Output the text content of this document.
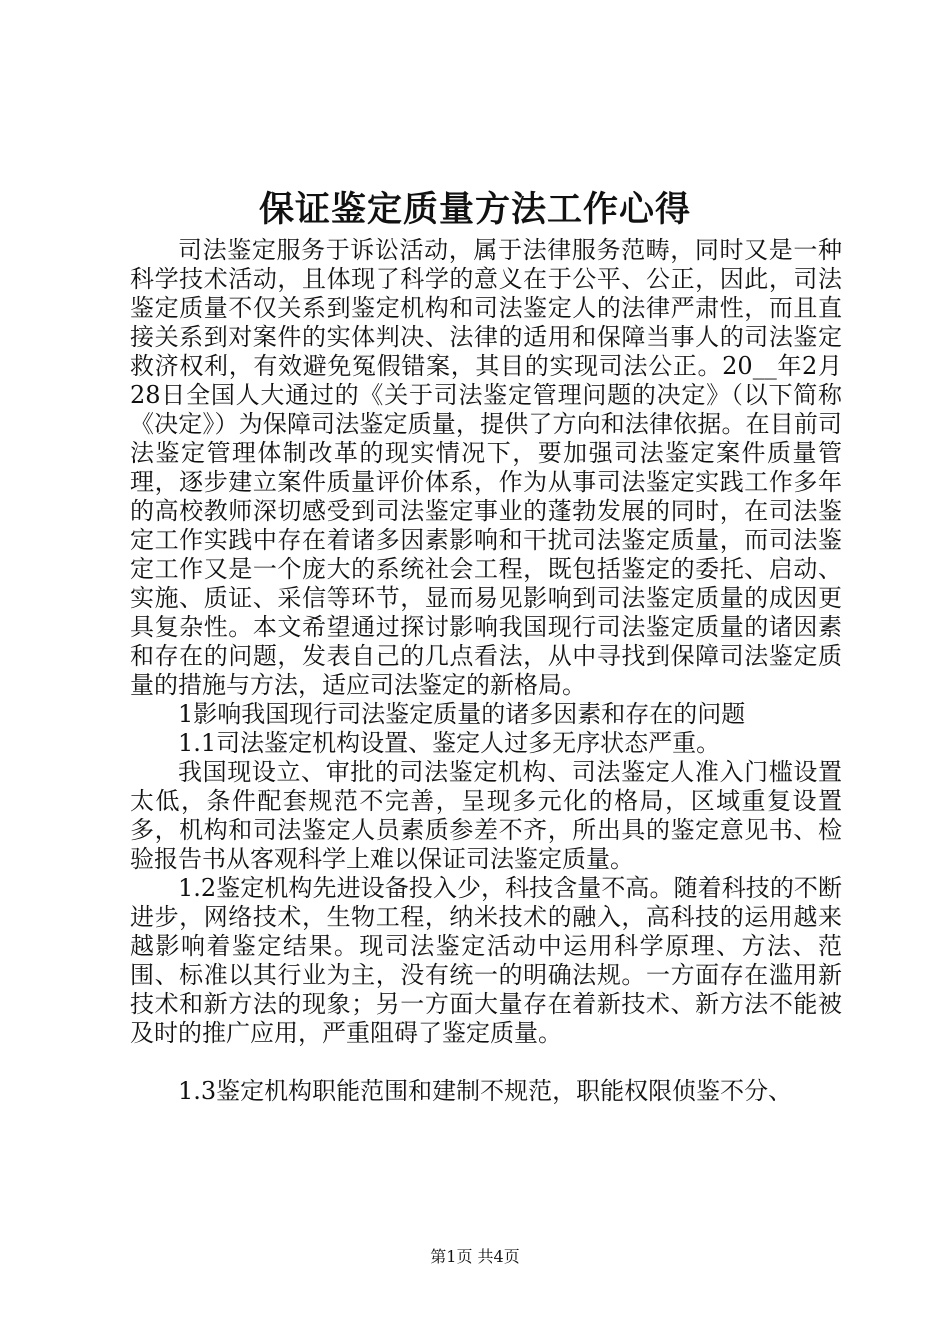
保证鉴定质量方法工作心得

司法鉴定服务于诉讼活动，属于法律服务范畴，同时又是一种科学技术活动，且体现了科学的意义在于公平、公正，因此，司法鉴定质量不仅关系到鉴定机构和司法鉴定人的法律严肃性，而且直接关系到对案件的实体判决、法律的适用和保障当事人的司法鉴定救济权利，有效避免冤假错案，其目的实现司法公正。20__年2月28日全国人大通过的《关于司法鉴定管理问题的决定》（以下简称《决定》）为保障司法鉴定质量，提供了方向和法律依据。在目前司法鉴定管理体制改革的现实情况下，要加强司法鉴定案件质量管理，逐步建立案件质量评价体系，作为从事司法鉴定实践工作多年的高校教师深切感受到司法鉴定事业的蓬勃发展的同时，在司法鉴定工作实践中存在着诸多因素影响和干扰司法鉴定质量，而司法鉴定工作又是一个庞大的系统社会工程，既包括鉴定的委托、启动、实施、质证、采信等环节，显而易见影响到司法鉴定质量的成因更具复杂性。本文希望通过探讨影响我国现行司法鉴定质量的诸因素和存在的问题，发表自己的几点看法，从中寻找到保障司法鉴定质量的措施与方法，适应司法鉴定的新格局。

1影响我国现行司法鉴定质量的诸多因素和存在的问题

1.1司法鉴定机构设置、鉴定人过多无序状态严重。

我国现设立、审批的司法鉴定机构、司法鉴定人准入门槛设置太低，条件配套规范不完善，呈现多元化的格局，区域重复设置多，机构和司法鉴定人员素质参差不齐，所出具的鉴定意见书、检验报告书从客观科学上难以保证司法鉴定质量。

1.2鉴定机构先进设备投入少，科技含量不高。随着科技的不断进步，网络技术，生物工程，纳米技术的融入，高科技的运用越来越影响着鉴定结果。现司法鉴定活动中运用科学原理、方法、范围、标准以其行业为主，没有统一的明确法规。一方面存在滥用新技术和新方法的现象；另一方面大量存在着新技术、新方法不能被及时的推广应用，严重阻碍了鉴定质量。

1.3鉴定机构职能范围和建制不规范，职能权限侦鉴不分、

第1页 共4页
